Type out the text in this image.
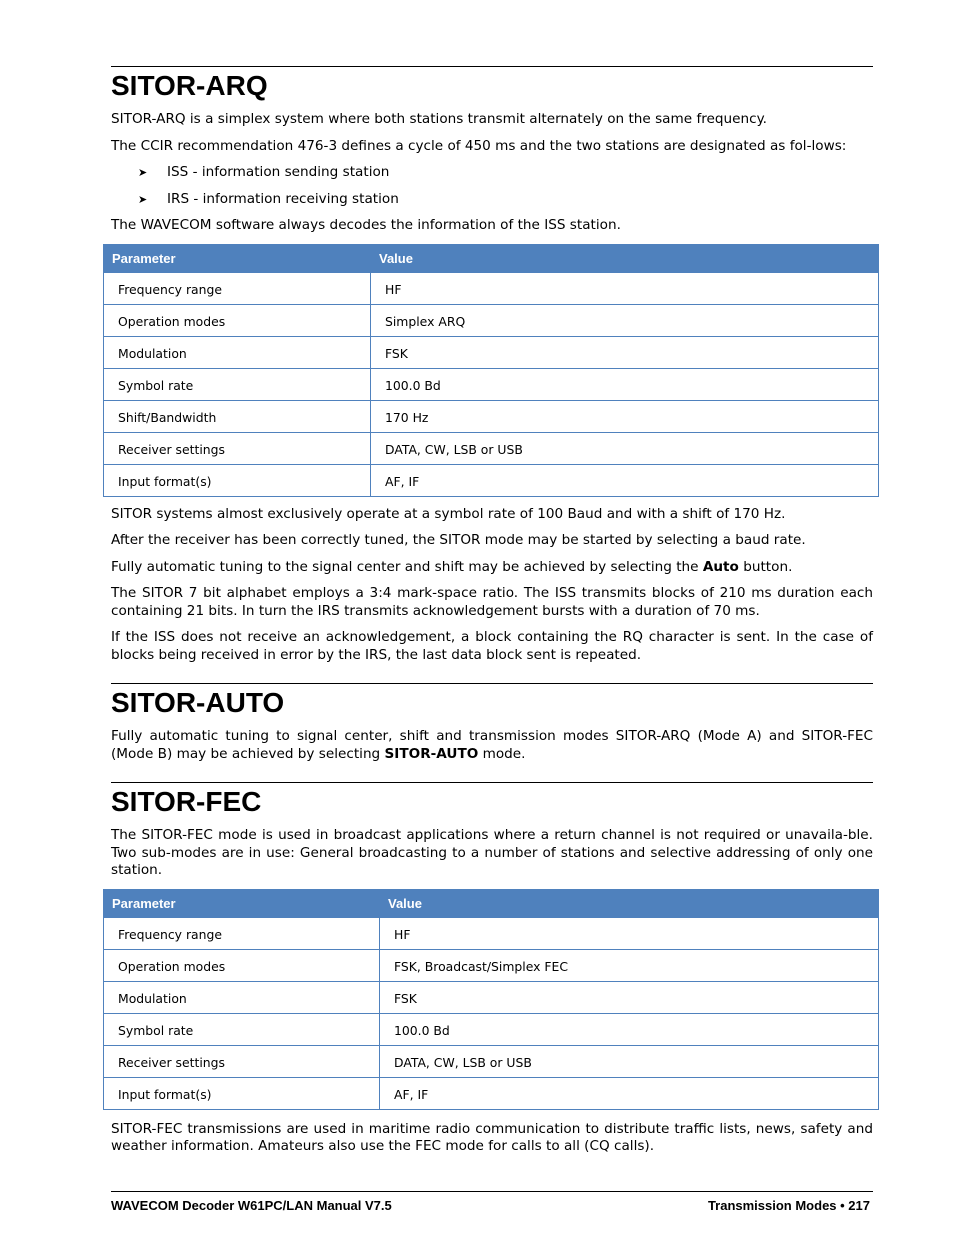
SITOR-ARQ

SITOR-ARQ is a simplex system where both stations transmit alternately on the same frequency.

The CCIR recommendation 476-3 defines a cycle of 450 ms and the two stations are designated as fol-lows:

➤ ISS - information sending station
➤ IRS - information receiving station

The WAVECOM software always decodes the information of the ISS station.

Parameter	Value
Frequency range	HF
Operation modes	Simplex ARQ
Modulation	FSK
Symbol rate	100.0 Bd
Shift/Bandwidth	170 Hz
Receiver settings	DATA, CW, LSB or USB
Input format(s)	AF, IF

SITOR systems almost exclusively operate at a symbol rate of 100 Baud and with a shift of 170 Hz.

After the receiver has been correctly tuned, the SITOR mode may be started by selecting a baud rate.

Fully automatic tuning to the signal center and shift may be achieved by selecting the Auto button.

The SITOR 7 bit alphabet employs a 3:4 mark-space ratio. The ISS transmits blocks of 210 ms duration each containing 21 bits. In turn the IRS transmits acknowledgement bursts with a duration of 70 ms.

If the ISS does not receive an acknowledgement, a block containing the RQ character is sent. In the case of blocks being received in error by the IRS, the last data block sent is repeated.

SITOR-AUTO

Fully automatic tuning to signal center, shift and transmission modes SITOR-ARQ (Mode A) and SITOR-FEC (Mode B) may be achieved by selecting SITOR-AUTO mode.

SITOR-FEC

The SITOR-FEC mode is used in broadcast applications where a return channel is not required or unavaila-ble. Two sub-modes are in use: General broadcasting to a number of stations and selective addressing of only one station.

Parameter	Value
Frequency range	HF
Operation modes	FSK, Broadcast/Simplex FEC
Modulation	FSK
Symbol rate	100.0 Bd
Receiver settings	DATA, CW, LSB or USB
Input format(s)	AF, IF

SITOR-FEC transmissions are used in maritime radio communication to distribute traffic lists, news, safety and weather information. Amateurs also use the FEC mode for calls to all (CQ calls).

WAVECOM Decoder W61PC/LAN Manual V7.5	Transmission Modes • 217
